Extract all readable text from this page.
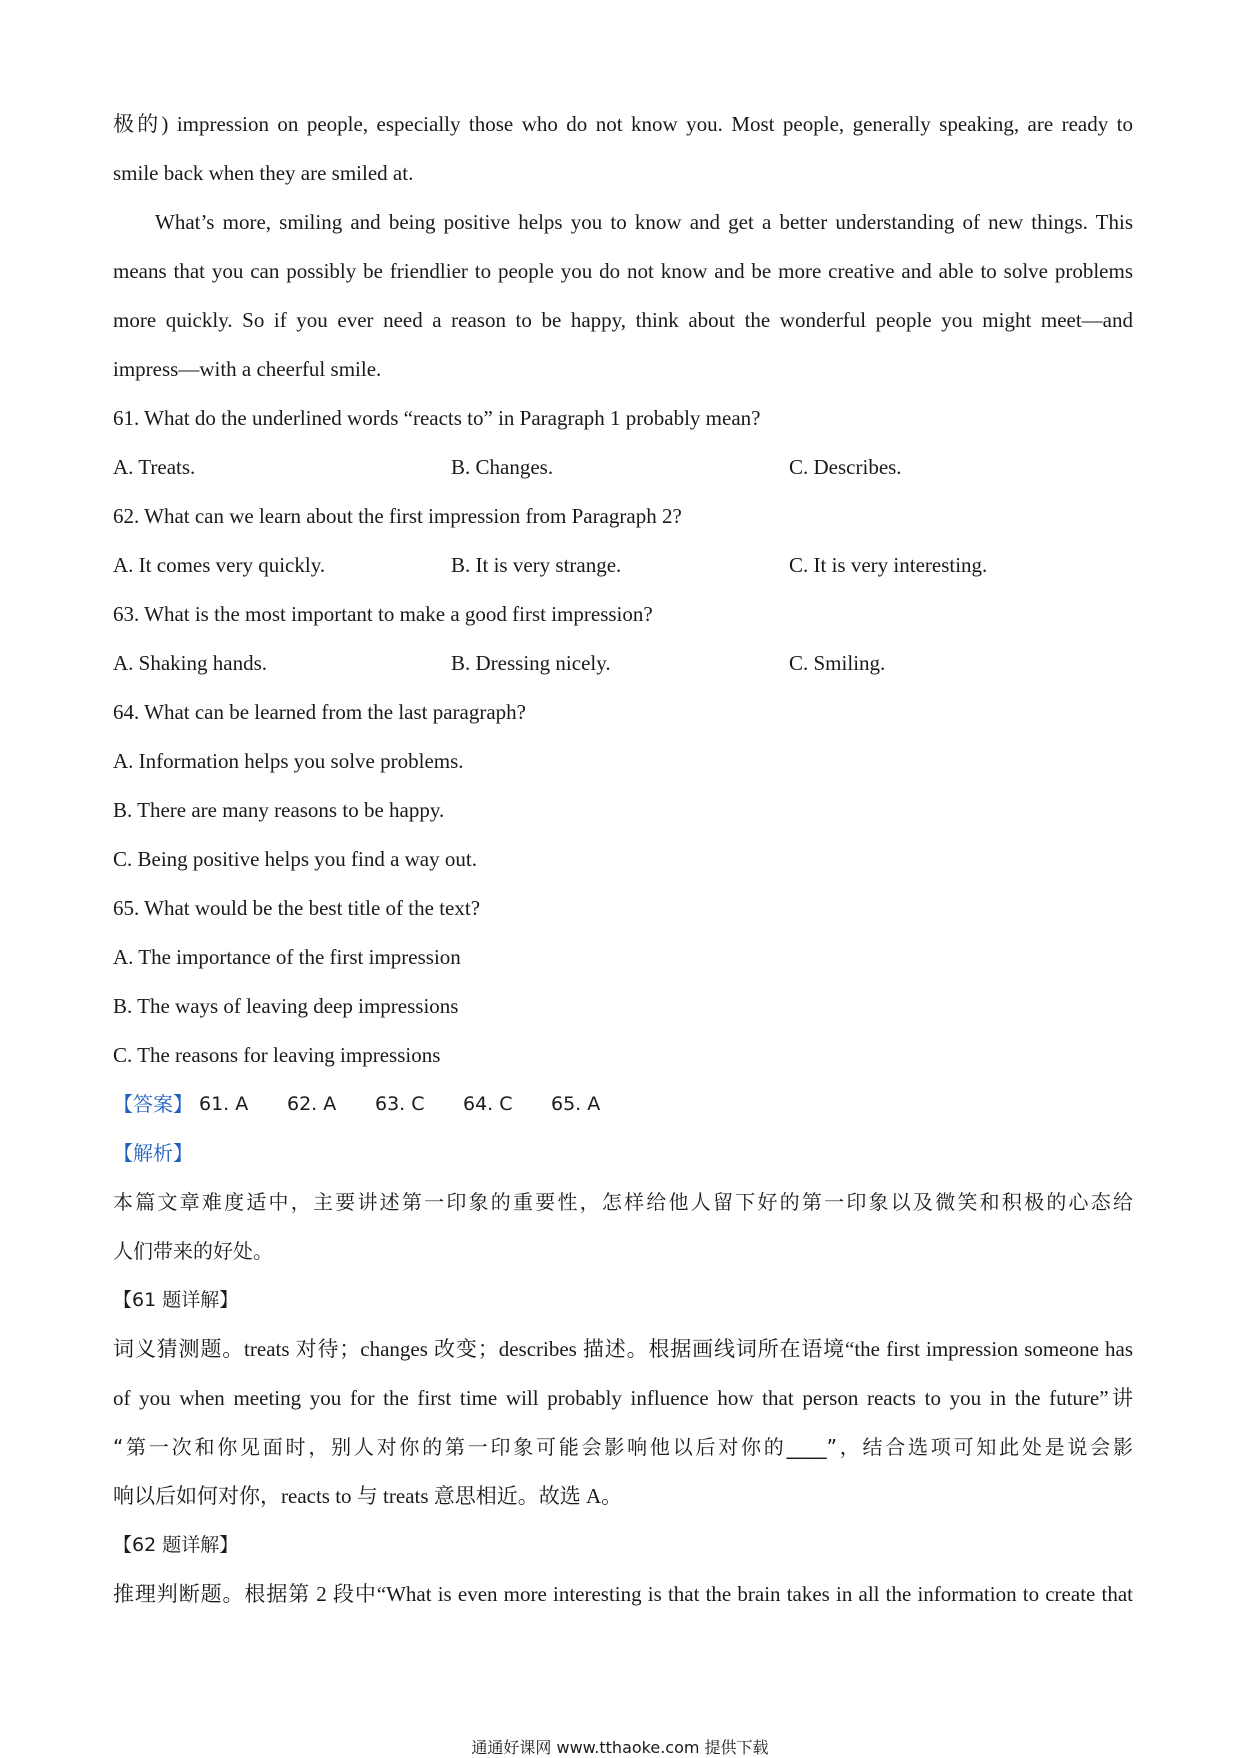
极的) impression on people, especially those who do not know you. Most people, generally speaking, are ready to
smile back when they are smiled at.
What’s more, smiling and being positive helps you to know and get a better understanding of new things. This
means that you can possibly be friendlier to people you do not know and be more creative and able to solve problems
more quickly. So if you ever need a reason to be happy, think about the wonderful people you might meet—and
impress—with a cheerful smile.
61. What do the underlined words “reacts to” in Paragraph 1 probably mean?
A. Treats.	B. Changes.	C. Describes.
62. What can we learn about the first impression from Paragraph 2?
A. It comes very quickly.	B. It is very strange.	C. It is very interesting.
63. What is the most important to make a good first impression?
A. Shaking hands.	B. Dressing nicely.	C. Smiling.
64. What can be learned from the last paragraph?
A. Information helps you solve problems.
B. There are many reasons to be happy.
C. Being positive helps you find a way out.
65. What would be the best title of the text?
A. The importance of the first impression
B. The ways of leaving deep impressions
C. The reasons for leaving impressions
【答案】 61. A	62. A	63. C	64. C	65. A
【解析】
本篇文章难度适中，主要讲述第一印象的重要性，怎样给他人留下好的第一印象以及微笑和积极的心态给
人们带来的好处。
【61 题详解】
词义猜测题。treats 对待；changes 改变；describes 描述。根据画线词所在语境“the first impression someone has
of you when meeting you for the first time will probably influence how that person reacts to you in the future”讲
“第一次和你见面时，别人对你的第一印象可能会影响他以后对你的____”，结合选项可知此处是说会影
响以后如何对你，reacts to 与 treats 意思相近。故选 A。
【62 题详解】
推理判断题。根据第 2 段中“What is even more interesting is that the brain takes in all the information to create that
通通好课网 www.tthaoke.com 提供下载
